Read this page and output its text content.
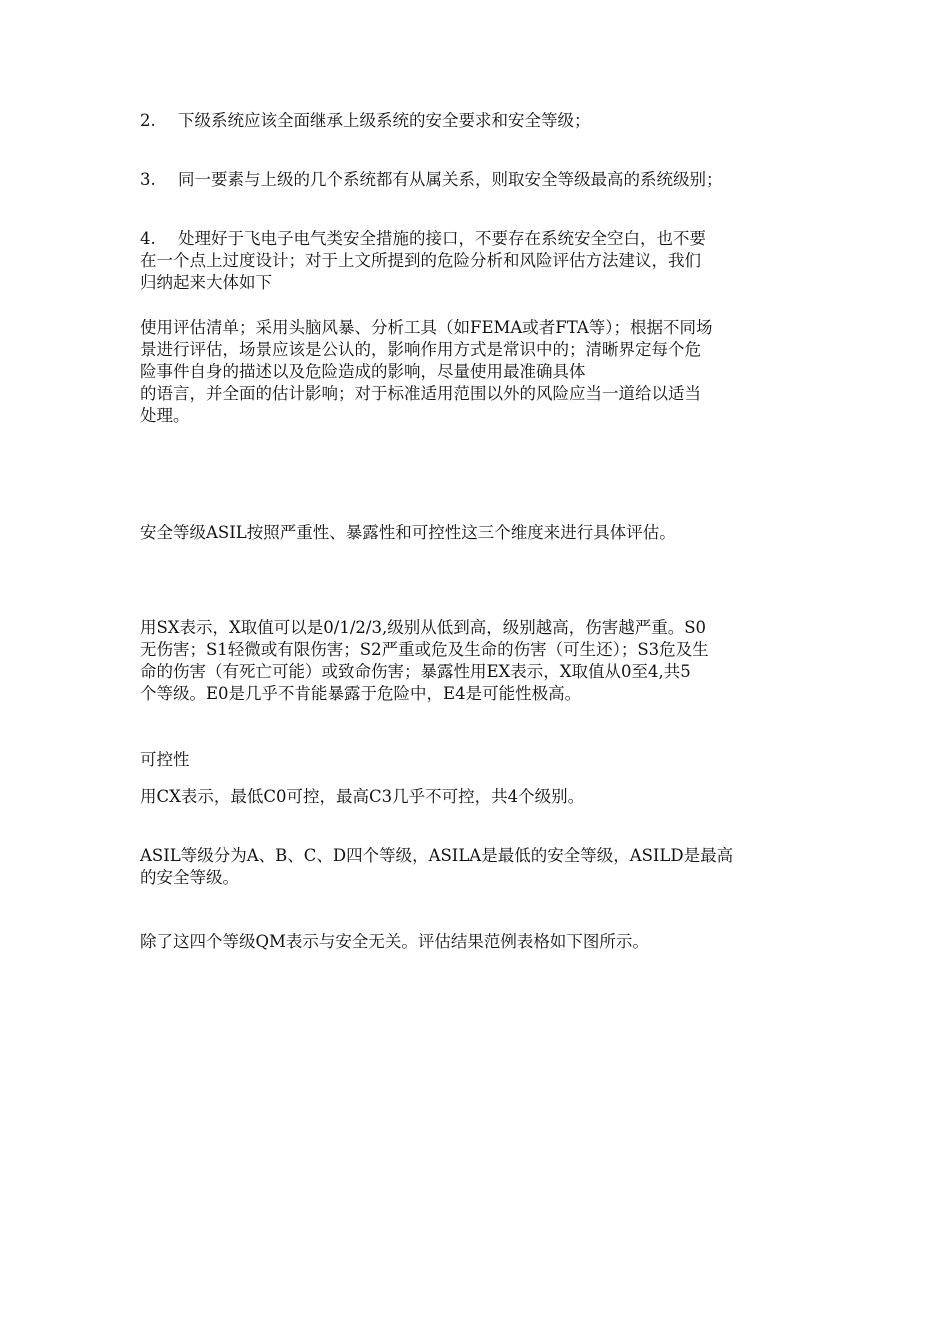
2. 下级系统应该全面继承上级系统的安全要求和安全等级；

3. 同一要素与上级的几个系统都有从属关系，则取安全等级最高的系统级别；

4. 处理好于飞电子电气类安全措施的接口，不要存在系统安全空白，也不要
在一个点上过度设计；对于上文所提到的危险分析和风险评估方法建议，我们
归纳起来大体如下

使用评估清单；采用头脑风暴、分析工具（如FEMA或者FTA等）；根据不同场
景进行评估，场景应该是公认的，影响作用方式是常识中的；清晰界定每个危
险事件自身的描述以及危险造成的影响，尽量使用最准确具体
的语言，并全面的估计影响；对于标准适用范围以外的风险应当一道给以适当
处理。

安全等级ASIL按照严重性、暴露性和可控性这三个维度来进行具体评估。

用SX表示，X取值可以是0/1/2/3,级别从低到高，级别越高，伤害越严重。S0
无伤害；S1轻微或有限伤害；S2严重或危及生命的伤害（可生还）；S3危及生
命的伤害（有死亡可能）或致命伤害；暴露性用EX表示，X取值从0至4,共5
个等级。E0是几乎不肯能暴露于危险中，E4是可能性极高。

可控性

用CX表示，最低C0可控，最高C3几乎不可控，共4个级别。

ASIL等级分为A、B、C、D四个等级，ASILA是最低的安全等级，ASILD是最高
的安全等级。

除了这四个等级QM表示与安全无关。评估结果范例表格如下图所示。
